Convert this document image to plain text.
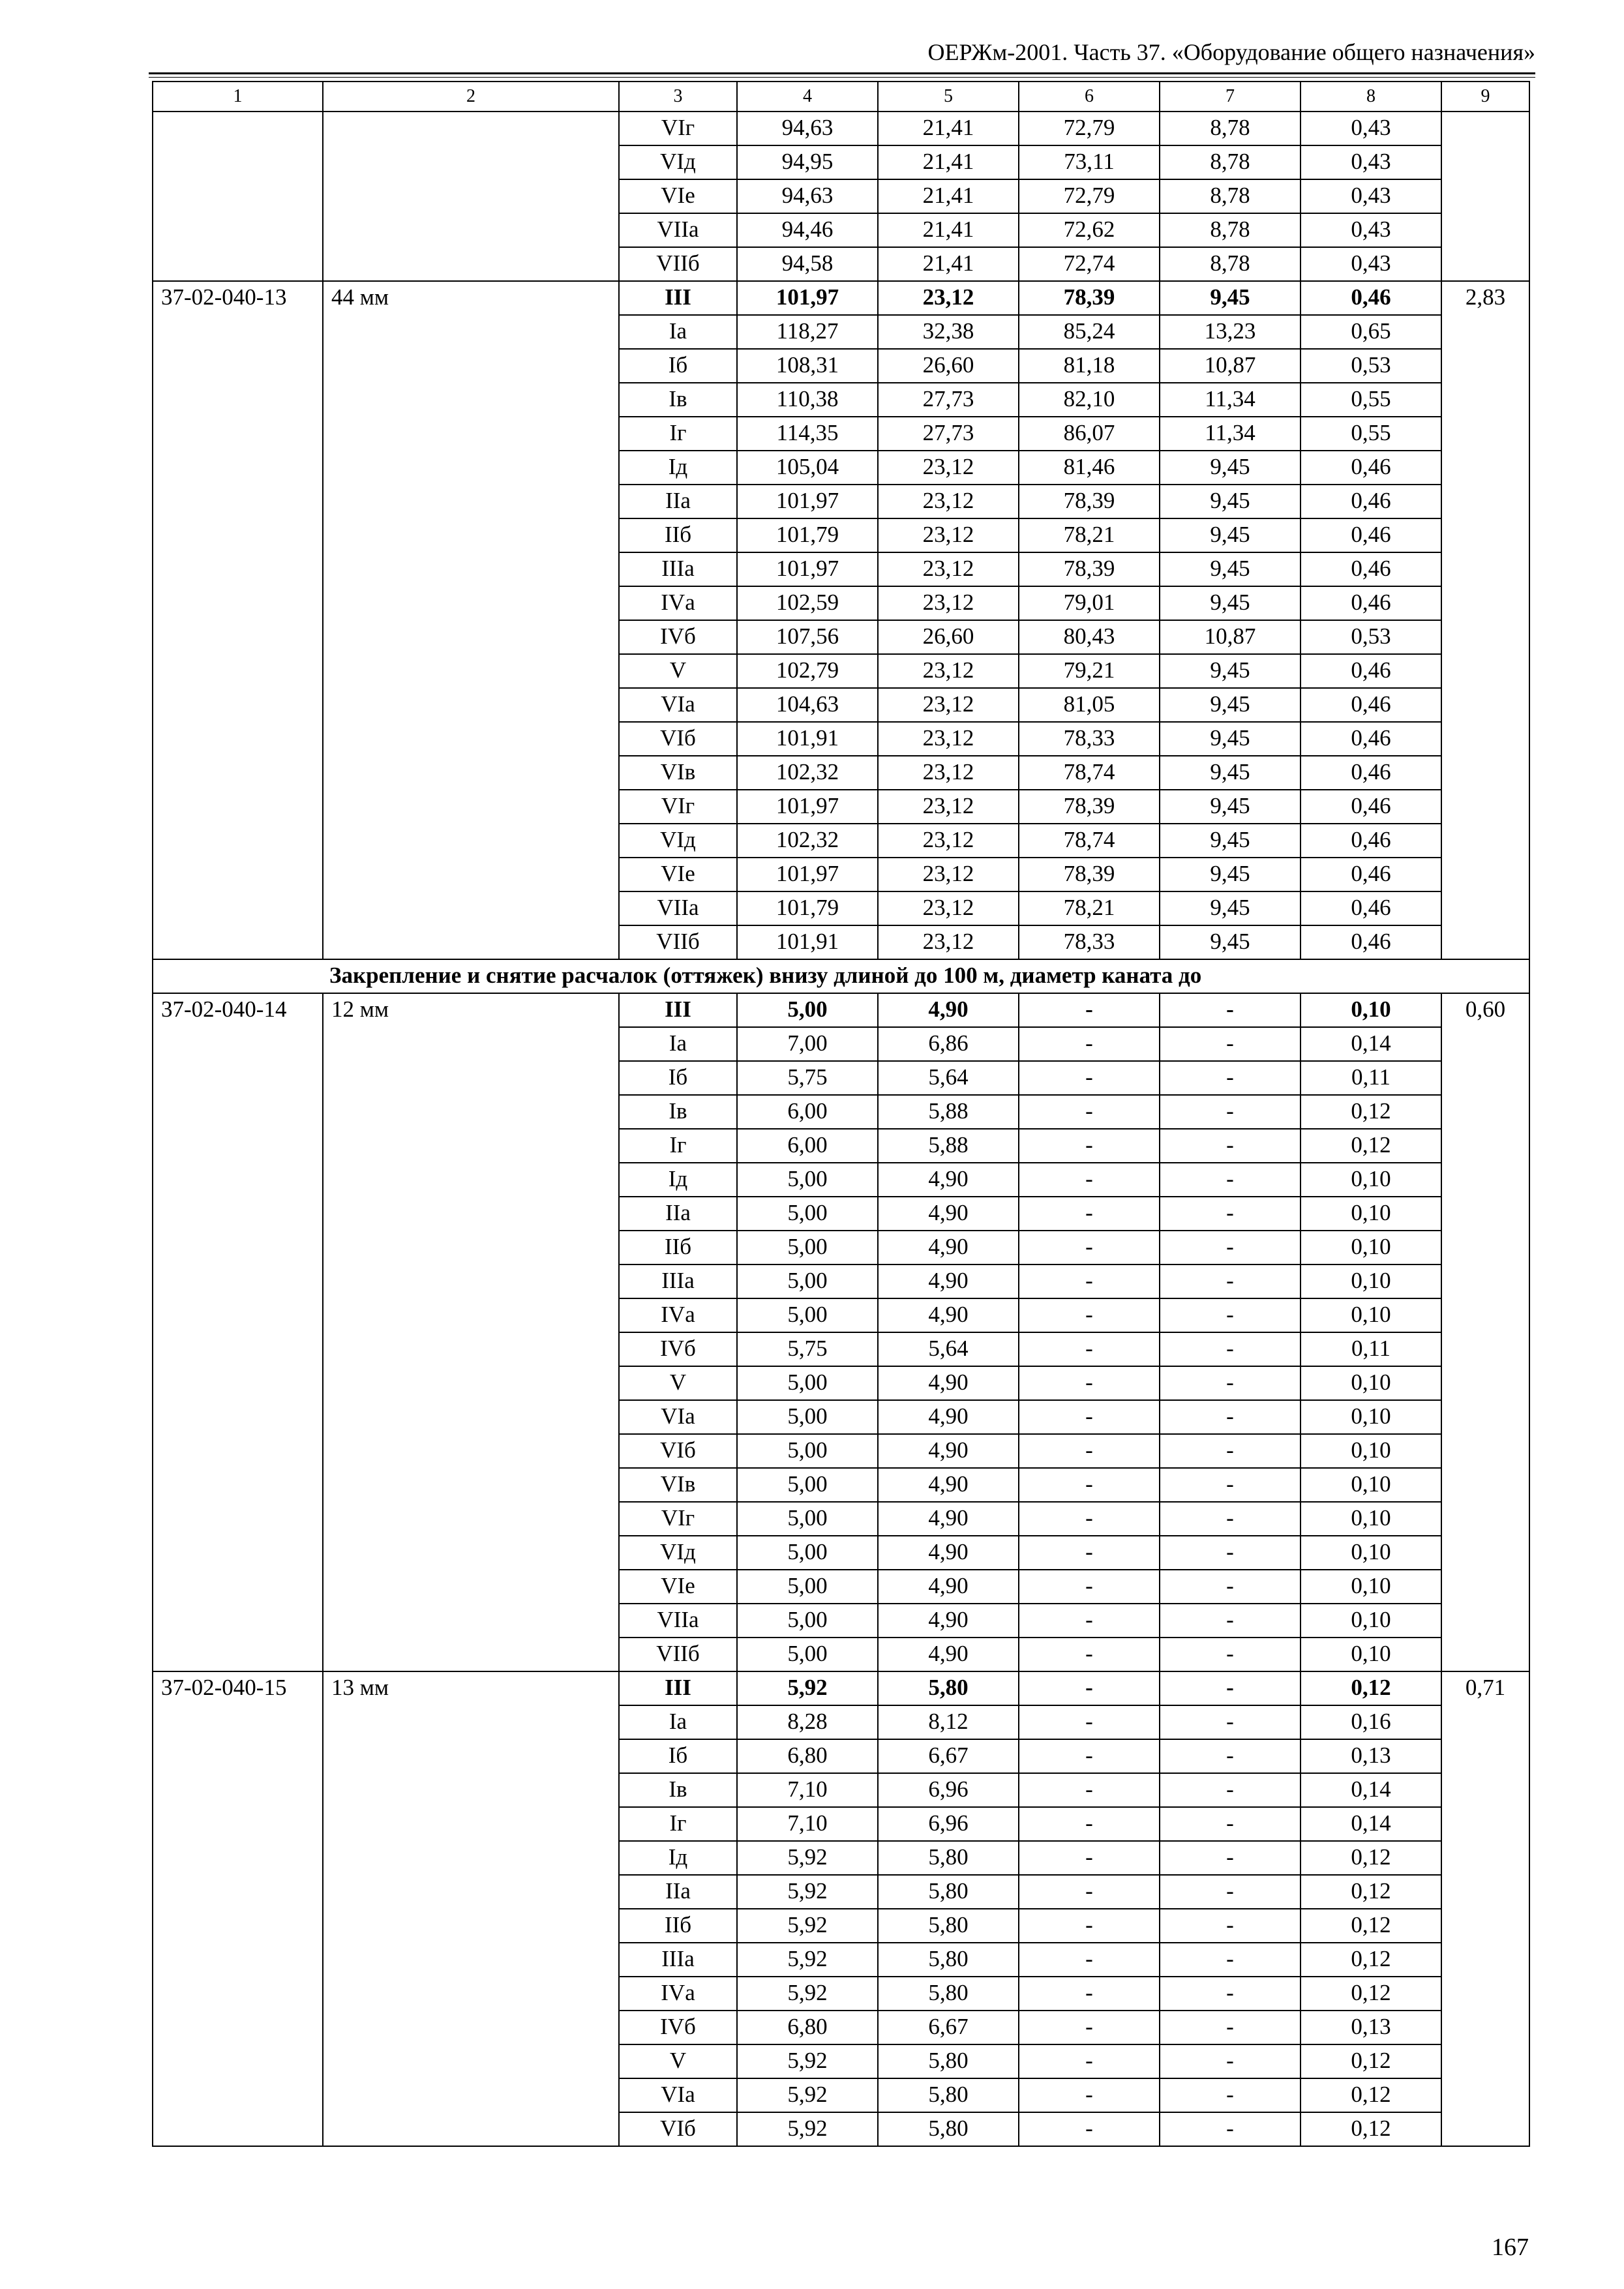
ОЕРЖм-2001. Часть 37. «Оборудование общего назначения»
1	2	3	4	5	6	7	8	9
		VIг	94,63	21,41	72,79	8,78	0,43	
		VIд	94,95	21,41	73,11	8,78	0,43	
		VIе	94,63	21,41	72,79	8,78	0,43	
		VIIа	94,46	21,41	72,62	8,78	0,43	
		VIIб	94,58	21,41	72,74	8,78	0,43	
37-02-040-13	44 мм	III	101,97	23,12	78,39	9,45	0,46	2,83
		Iа	118,27	32,38	85,24	13,23	0,65	
		Iб	108,31	26,60	81,18	10,87	0,53	
		Iв	110,38	27,73	82,10	11,34	0,55	
		Iг	114,35	27,73	86,07	11,34	0,55	
		Iд	105,04	23,12	81,46	9,45	0,46	
		IIа	101,97	23,12	78,39	9,45	0,46	
		IIб	101,79	23,12	78,21	9,45	0,46	
		IIIа	101,97	23,12	78,39	9,45	0,46	
		IVа	102,59	23,12	79,01	9,45	0,46	
		IVб	107,56	26,60	80,43	10,87	0,53	
		V	102,79	23,12	79,21	9,45	0,46	
		VIа	104,63	23,12	81,05	9,45	0,46	
		VIб	101,91	23,12	78,33	9,45	0,46	
		VIв	102,32	23,12	78,74	9,45	0,46	
		VIг	101,97	23,12	78,39	9,45	0,46	
		VIд	102,32	23,12	78,74	9,45	0,46	
		VIе	101,97	23,12	78,39	9,45	0,46	
		VIIа	101,79	23,12	78,21	9,45	0,46	
		VIIб	101,91	23,12	78,33	9,45	0,46	
Закрепление и снятие расчалок (оттяжек) внизу длиной до 100 м, диаметр каната до								
37-02-040-14	12 мм	III	5,00	4,90	-	-	0,10	0,60
		Iа	7,00	6,86	-	-	0,14	
		Iб	5,75	5,64	-	-	0,11	
		Iв	6,00	5,88	-	-	0,12	
		Iг	6,00	5,88	-	-	0,12	
		Iд	5,00	4,90	-	-	0,10	
		IIа	5,00	4,90	-	-	0,10	
		IIб	5,00	4,90	-	-	0,10	
		IIIа	5,00	4,90	-	-	0,10	
		IVа	5,00	4,90	-	-	0,10	
		IVб	5,75	5,64	-	-	0,11	
		V	5,00	4,90	-	-	0,10	
		VIа	5,00	4,90	-	-	0,10	
		VIб	5,00	4,90	-	-	0,10	
		VIв	5,00	4,90	-	-	0,10	
		VIг	5,00	4,90	-	-	0,10	
		VIд	5,00	4,90	-	-	0,10	
		VIе	5,00	4,90	-	-	0,10	
		VIIа	5,00	4,90	-	-	0,10	
		VIIб	5,00	4,90	-	-	0,10	
37-02-040-15	13 мм	III	5,92	5,80	-	-	0,12	0,71
		Iа	8,28	8,12	-	-	0,16	
		Iб	6,80	6,67	-	-	0,13	
		Iв	7,10	6,96	-	-	0,14	
		Iг	7,10	6,96	-	-	0,14	
		Iд	5,92	5,80	-	-	0,12	
		IIа	5,92	5,80	-	-	0,12	
		IIб	5,92	5,80	-	-	0,12	
		IIIа	5,92	5,80	-	-	0,12	
		IVа	5,92	5,80	-	-	0,12	
		IVб	6,80	6,67	-	-	0,13	
		V	5,92	5,80	-	-	0,12	
		VIа	5,92	5,80	-	-	0,12	
		VIб	5,92	5,80	-	-	0,12	
167
